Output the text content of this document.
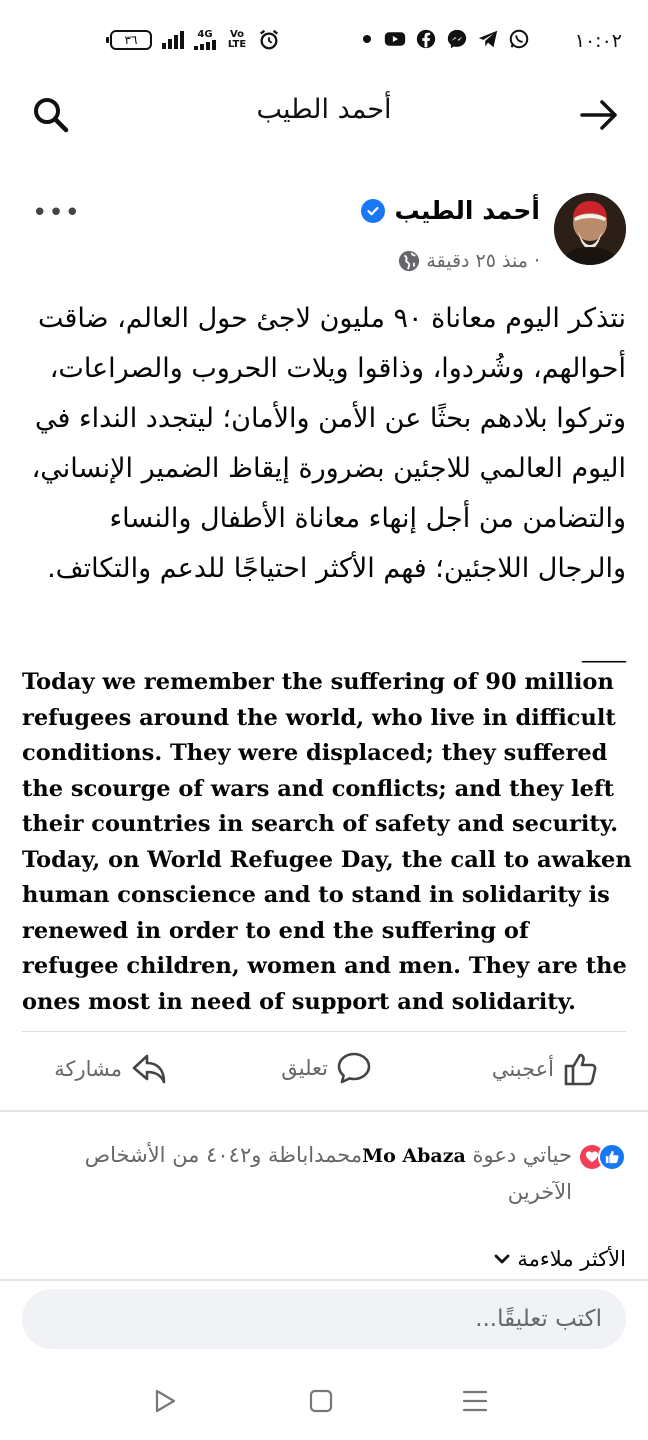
٣٦	4G	Vo LTE	١٠:٠٢
أحمد الطيب
أحمد الطيب
منذ ٢٥ دقيقة ·
•••
نتذكر اليوم معاناة ٩٠ مليون لاجئ حول العالم، ضاقت أحوالهم، وشُردوا، وذاقوا ويلات الحروب والصراعات، وتركوا بلادهم بحثًا عن الأمن والأمان؛ ليتجدد النداء في اليوم العالمي للاجئين بضرورة إيقاظ الضمير الإنساني، والتضامن من أجل إنهاء معاناة الأطفال والنساء والرجال اللاجئين؛ فهم الأكثر احتياجًا للدعم والتكاتف.
____
Today we remember the suffering of 90 million refugees around the world, who live in difficult conditions. They were displaced; they suffered the scourge of wars and conflicts; and they left their countries in search of safety and security. Today, on World Refugee Day, the call to awaken human conscience and to stand in solidarity is renewed in order to end the suffering of refugee children, women and men. They are the ones most in need of support and solidarity.
أعجبني
تعليق
مشاركة
حياتي دعوة Mo Abazaمحمداباظة و٤٠٤٢ من الأشخاص الآخرين
الأكثر ملاءمة
اكتب تعليقًا...
